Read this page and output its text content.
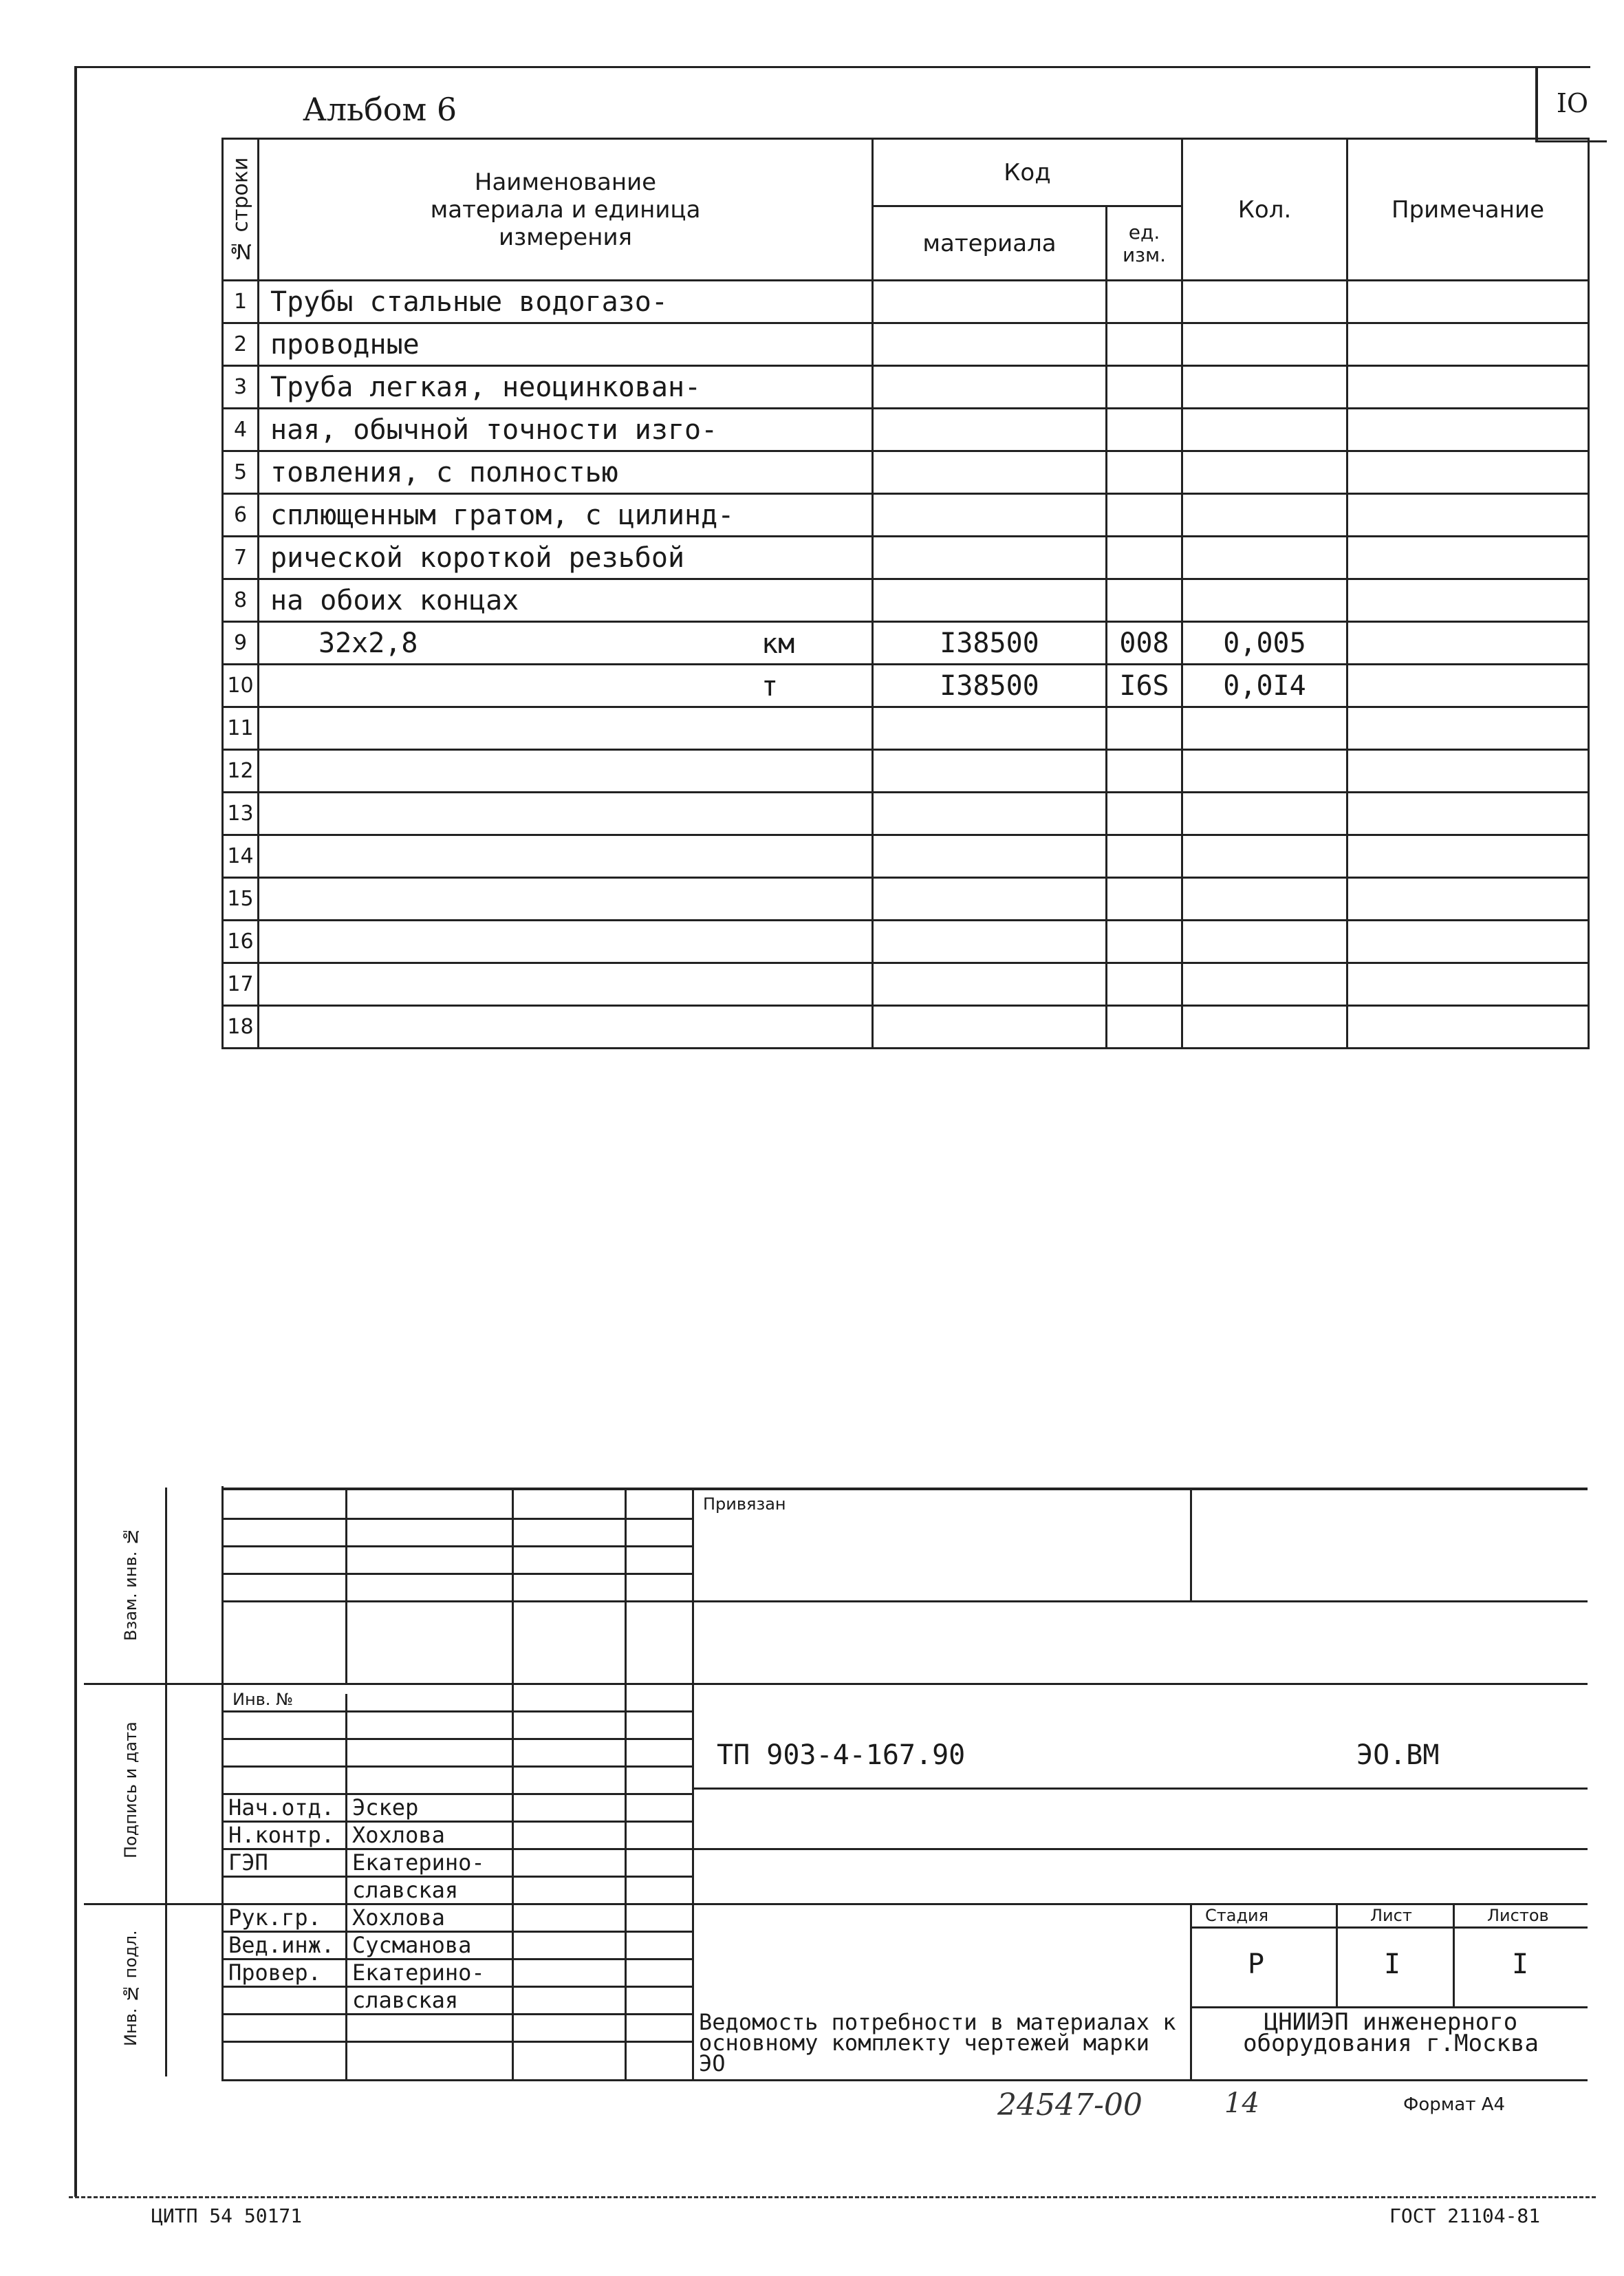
IO
Альбом 6
№ строки	Наименование материала и единица измерения	Код		Кол.	Примечание
		материала	ед. изм.		
1	Трубы стальные водогазо-

2	проводные

3	Труба легкая, неоцинкован-

4	ная, обычной точности изго-

5	товления, с полностью

6	сплющенным гратом, с цилинд-

7	рической короткой резьбой

8	на обоих концах

9	32х2,8 км	I38500	008	0,005	
10	т	I38500	I6S	0,0I4	
11	

12	

13	

14	

15	

16	

17	

18	

Привязан
Инв. №
ТП 903-4-167.90	ЭО.ВМ
Нач.отд. Эскер
Н.контр. Хохлова
ГЭП	Екатерино-
славская
Рук.гр. Хохлова
Вед.инж. Сусманова
Провер. Екатерино-
славская
Стадия	Лист	Листов
Р	I	I
Ведомость потребности в материалах к основному комплекту чертежей марки ЭО
ЦНИИЭП инженерного оборудования г.Москва
Взам. инв. №
Подпись и дата
Инв. № подл.
24547-00	14	Формат А4
ЦИТП 54 50171	ГОСТ 21104-81
